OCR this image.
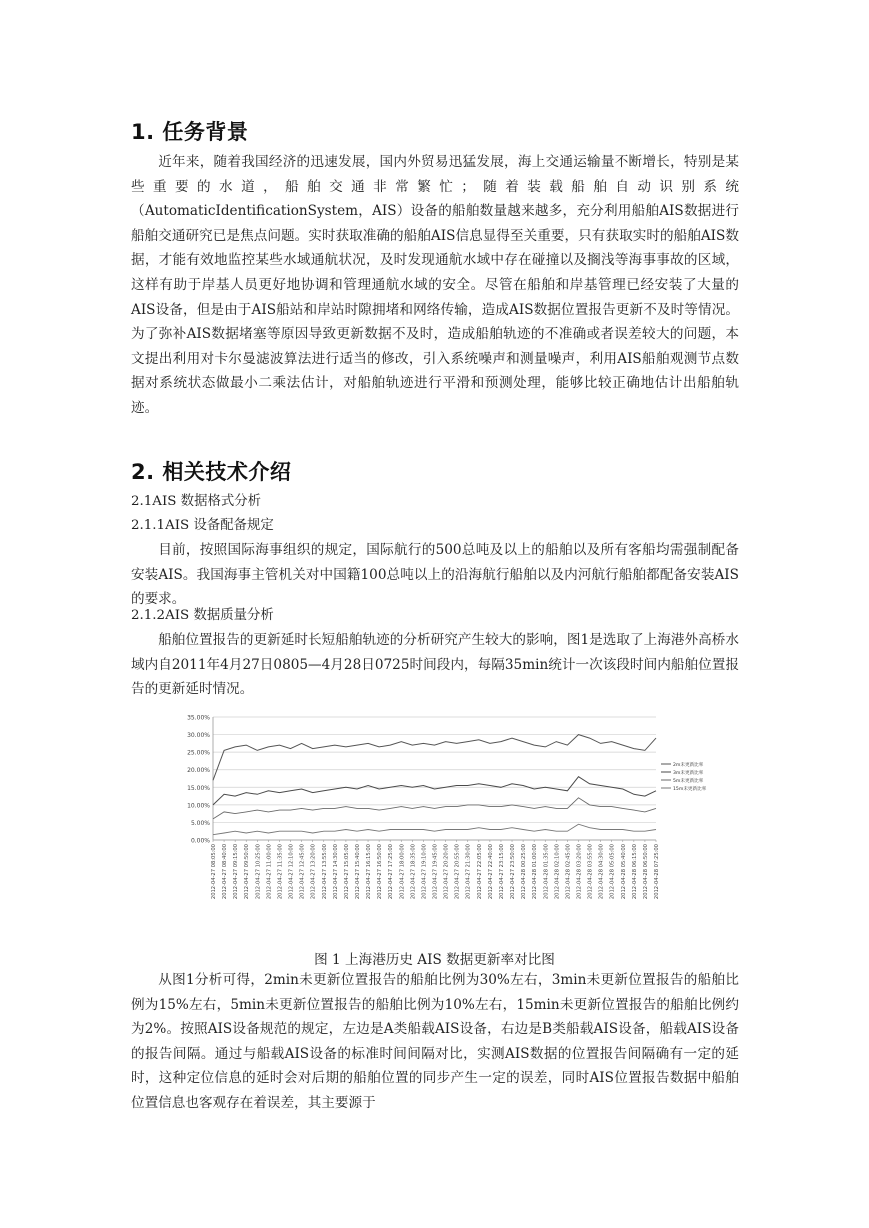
1. 任务背景

近年来，随着我国经济的迅速发展，国内外贸易迅猛发展，海上交通运输量不断增长，特别是某些重要的水道，船舶交通非常繁忙；随着装载船舶自动识别系统（AutomaticIdentificationSystem，AIS）设备的船舶数量越来越多，充分利用船舶AIS数据进行船舶交通研究已是焦点问题。实时获取准确的船舶AIS信息显得至关重要，只有获取实时的船舶AIS数据，才能有效地监控某些水域通航状况，及时发现通航水域中存在碰撞以及搁浅等海事事故的区域，这样有助于岸基人员更好地协调和管理通航水域的安全。尽管在船舶和岸基管理已经安装了大量的AIS设备，但是由于AIS船站和岸站时隙拥堵和网络传输，造成AIS数据位置报告更新不及时等情况。为了弥补AIS数据堵塞等原因导致更新数据不及时，造成船舶轨迹的不准确或者误差较大的问题，本文提出利用对卡尔曼滤波算法进行适当的修改，引入系统噪声和测量噪声，利用AIS船舶观测节点数据对系统状态做最小二乘法估计，对船舶轨迹进行平滑和预测处理，能够比较正确地估计出船舶轨迹。

2. 相关技术介绍

2.1AIS 数据格式分析

2.1.1AIS 设备配备规定

目前，按照国际海事组织的规定，国际航行的500总吨及以上的船舶以及所有客船均需强制配备安装AIS。我国海事主管机关对中国籍100总吨以上的沿海航行船舶以及内河航行船舶都配备安装AIS的要求。

2.1.2AIS 数据质量分析

船舶位置报告的更新延时长短船舶轨迹的分析研究产生较大的影响，图1是选取了上海港外高桥水域内自2011年4月27日0805—4月28日0725时间段内，每隔35min统计一次该段时间内船舶位置报告的更新延时情况。

0.00%
5.00%
10.00%
15.00%
20.00%
25.00%
30.00%
35.00%
2012-04-27 08:05:00 2012-04-27 08:40:00 2012-04-27 09:15:00 2012-04-27 09:50:00 2012-04-27 10:25:00 2012-04-27 11:00:00 2012-04-27 11:35:00 2012-04-27 12:10:00 2012-04-27 12:45:00 2012-04-27 13:20:00 2012-04-27 13:55:00 2012-04-27 14:30:00 2012-04-27 15:05:00 2012-04-27 15:40:00 2012-04-27 16:15:00 2012-04-27 16:50:00 2012-04-27 17:25:00 2012-04-27 18:00:00 2012-04-27 18:35:00 2012-04-27 19:10:00 2012-04-27 19:45:00 2012-04-27 20:20:00 2012-04-27 20:55:00 2012-04-27 21:30:00 2012-04-27 22:05:00 2012-04-27 22:40:00 2012-04-27 23:15:00 2012-04-27 23:50:00 2012-04-28 00:25:00 2012-04-28 01:00:00 2012-04-28 01:35:00 2012-04-28 02:10:00 2012-04-28 02:45:00 2012-04-28 03:20:00 2012-04-28 03:55:00 2012-04-28 04:30:00 2012-04-28 05:05:00 2012-04-28 05:40:00 2012-04-28 06:15:00 2012-04-28 06:50:00 2012-04-28 07:25:00
2m未更新比率
3m未更新比率
5m未更新比率
15m未更新比率
图 1 上海港历史 AIS 数据更新率对比图

从图1分析可得，2min未更新位置报告的船舶比例为30%左右，3min未更新位置报告的船舶比例为15%左右，5min未更新位置报告的船舶比例为10%左右，15min未更新位置报告的船舶比例约为2%。按照AIS设备规范的规定，左边是A类船载AIS设备，右边是B类船载AIS设备，船载AIS设备的报告间隔。通过与船载AIS设备的标准时间间隔对比，实测AIS数据的位置报告间隔确有一定的延时，这种定位信息的延时会对后期的船舶位置的同步产生一定的误差，同时AIS位置报告数据中船舶位置信息也客观存在着误差，其主要源于
